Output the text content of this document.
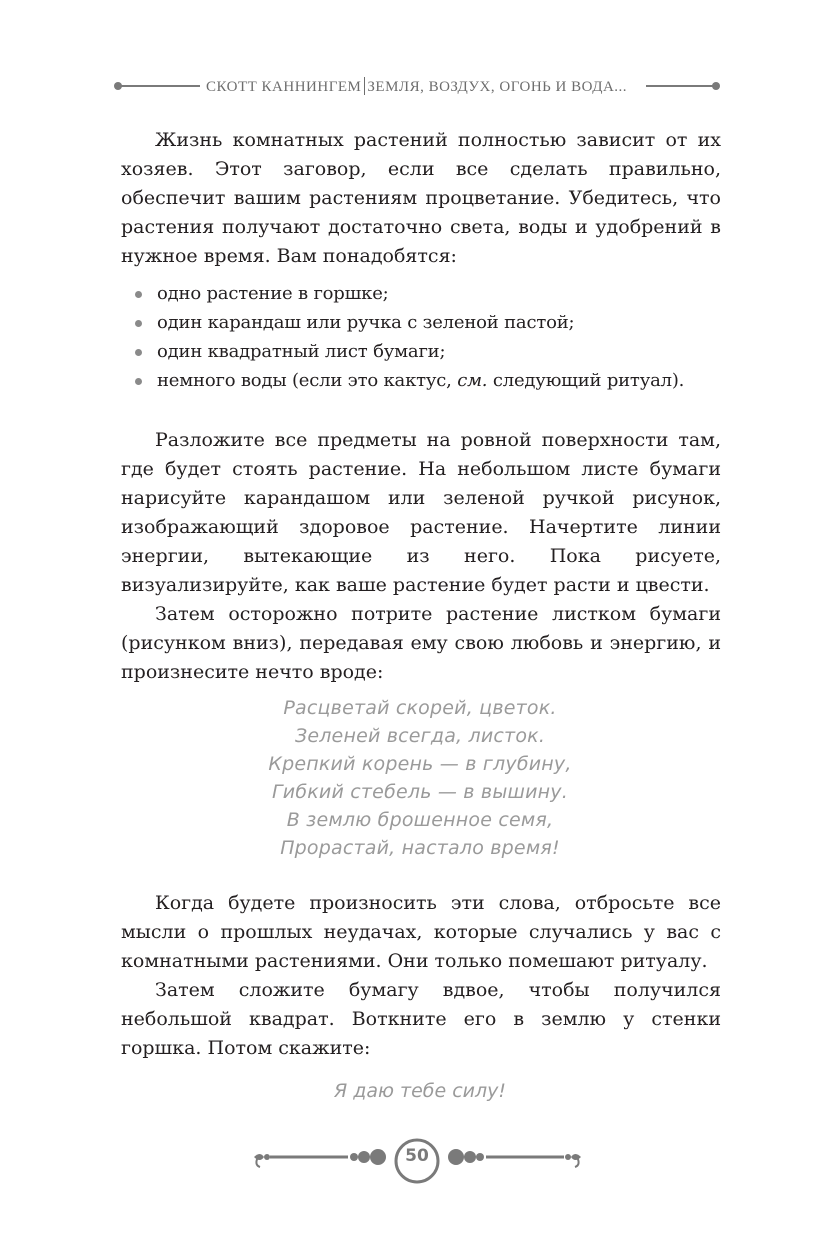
СКОТТ КАННИНГЕМ ЗЕМЛЯ, ВОЗДУХ, ОГОНЬ И ВОДА...

Жизнь комнатных растений полностью зависит от их хозяев. Этот заговор, если все сделать правильно, обеспечит вашим растениям процветание. Убедитесь, что растения получают достаточно света, воды и удобрений в нужное время. Вам понадобятся:

одно растение в горшке;
один карандаш или ручка с зеленой пастой;
один квадратный лист бумаги;
немного воды (если это кактус, см. следующий ритуал).

Разложите все предметы на ровной поверхности там, где будет стоять растение. На небольшом листе бумаги нарисуйте карандашом или зеленой ручкой рисунок, изображающий здоровое растение. Начертите линии энергии, вытекающие из него. Пока рисуете, визуализируйте, как ваше растение будет расти и цвести.

Затем осторожно потрите растение листком бумаги (рисунком вниз), передавая ему свою любовь и энергию, и произнесите нечто вроде:

Расцветай скорей, цветок.
Зеленей всегда, листок.
Крепкий корень — в глубину,
Гибкий стебель — в вышину.
В землю брошенное семя,
Прорастай, настало время!

Когда будете произносить эти слова, отбросьте все мысли о прошлых неудачах, которые случались у вас с комнатными растениями. Они только помешают ритуалу.

Затем сложите бумагу вдвое, чтобы получился небольшой квадрат. Воткните его в землю у стенки горшка. Потом скажите:

Я даю тебе силу!
50
